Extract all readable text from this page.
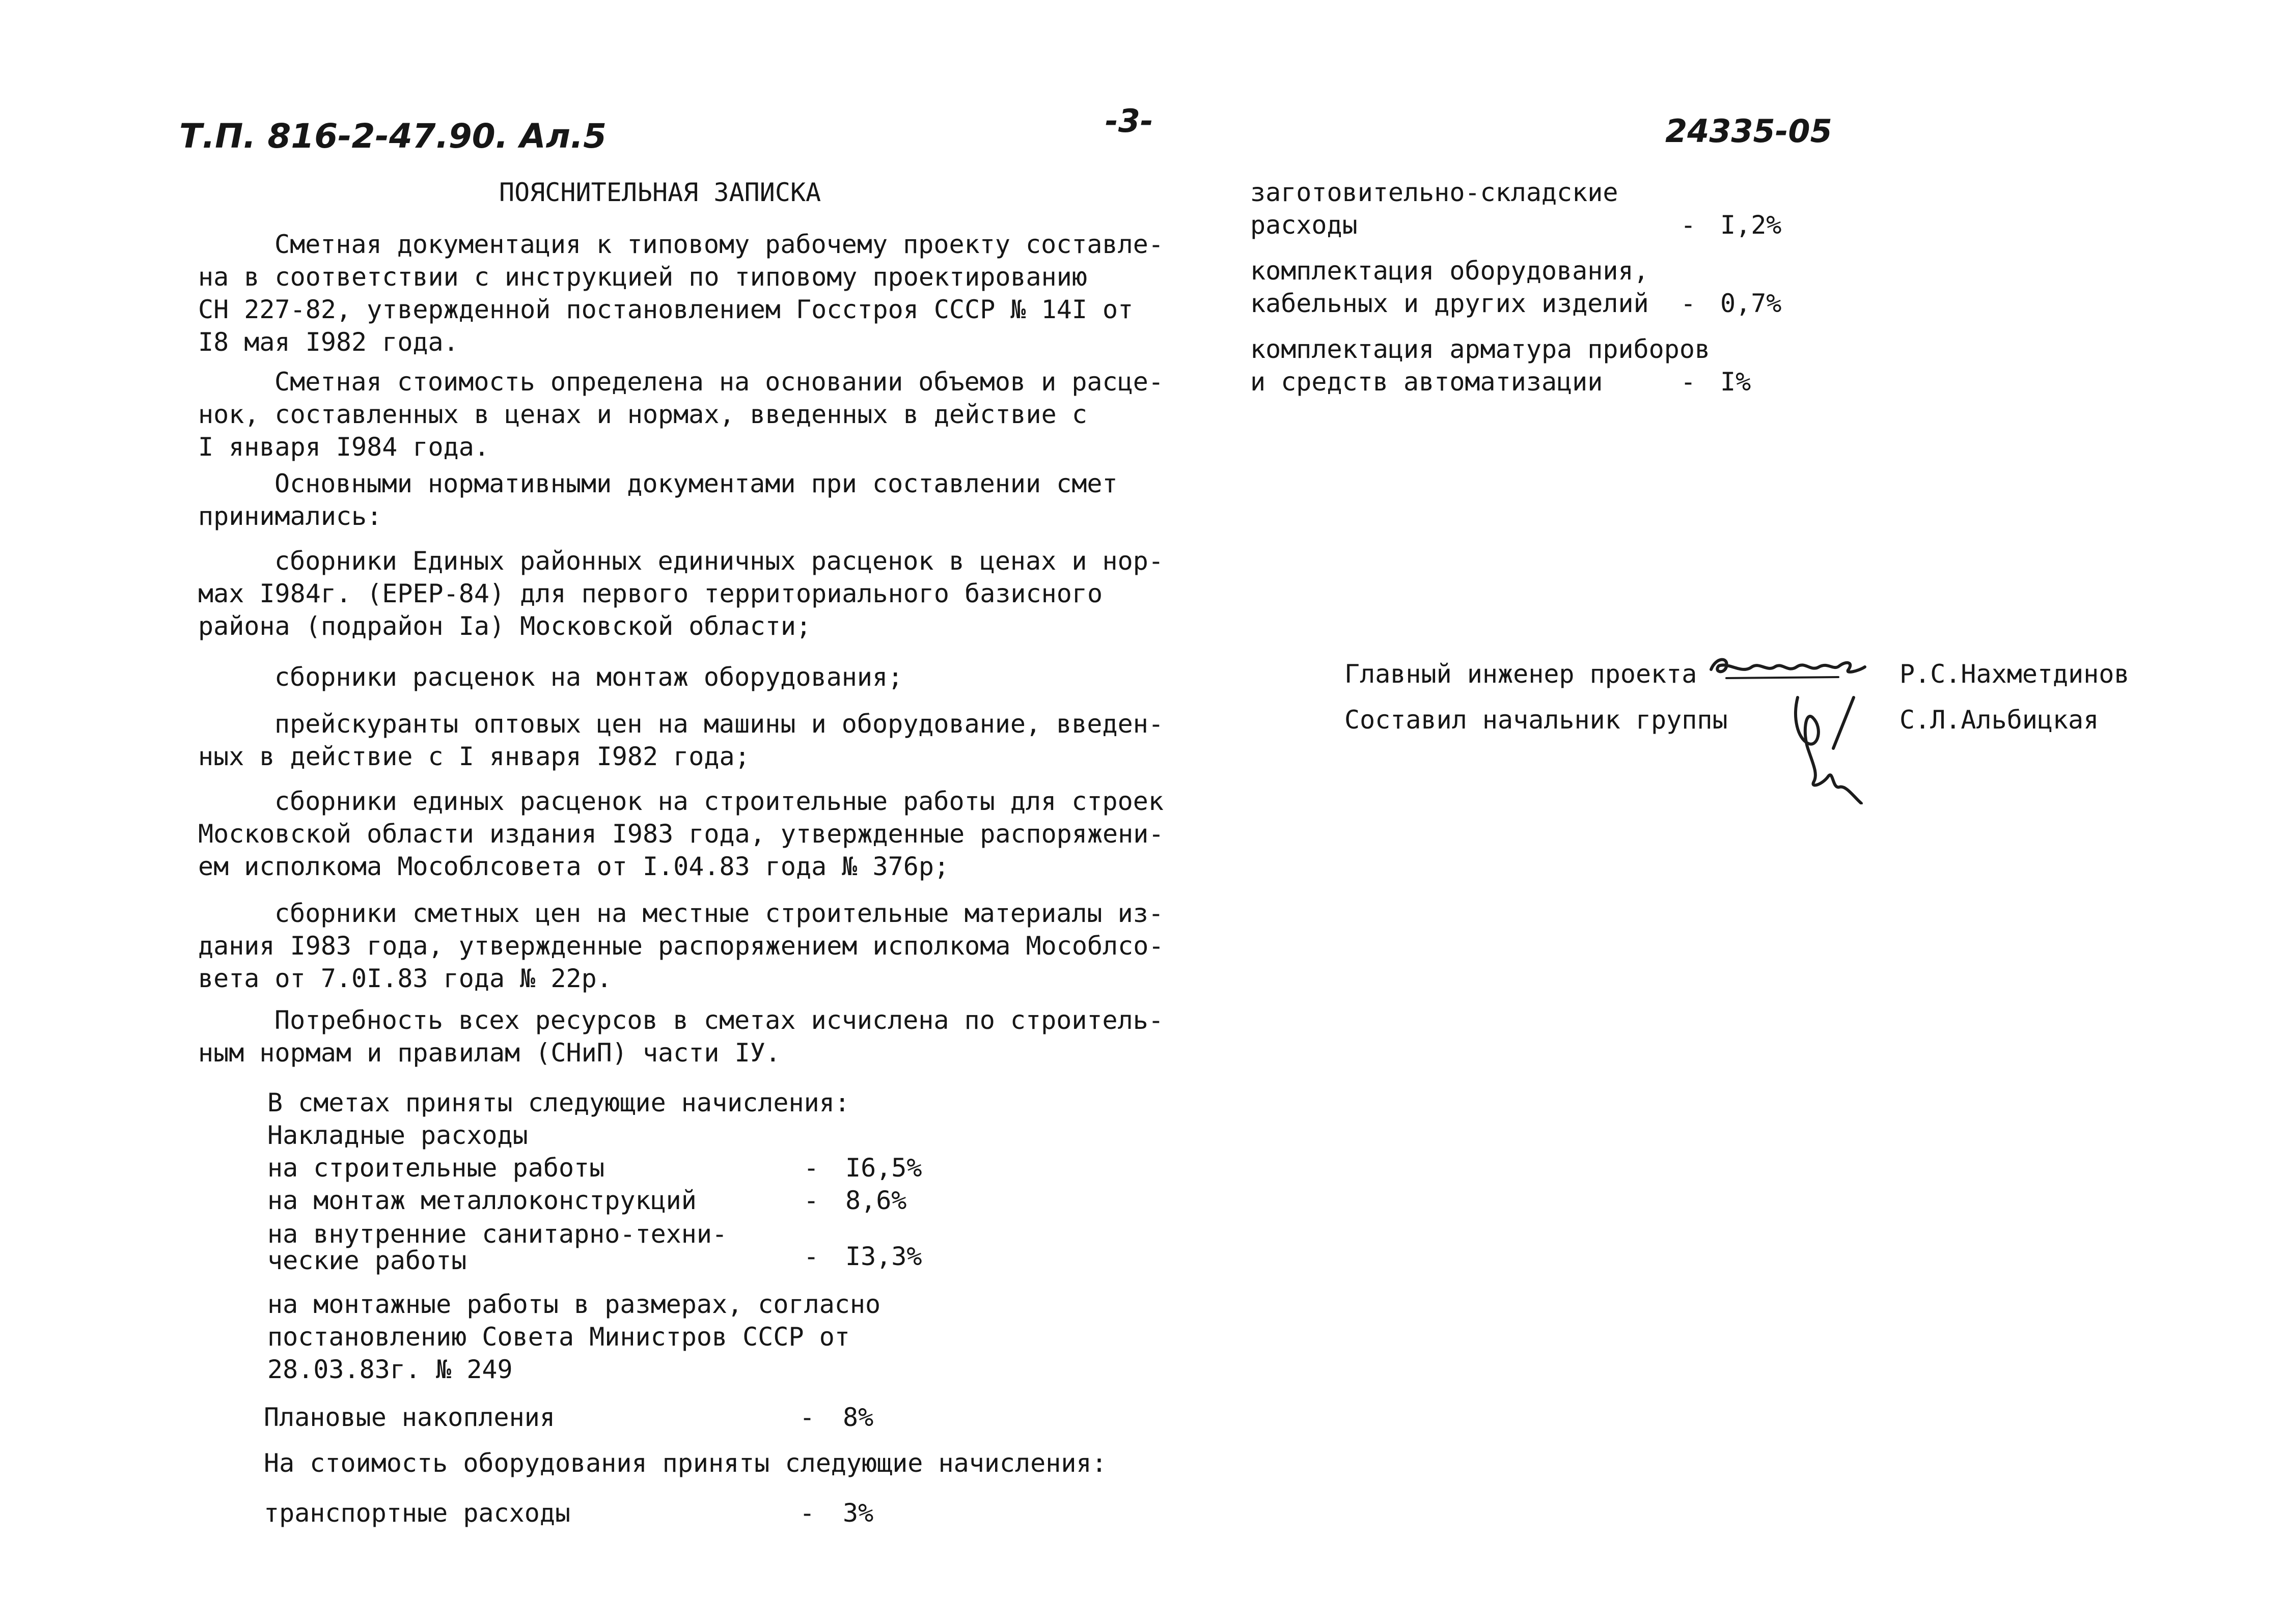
Т.П. 816-2-47.90. Ал.5	-3-	24335-05
ПОЯСНИТЕЛЬНАЯ ЗАПИСКА
Сметная документация к типовому рабочему проекту составле-
на в соответствии с инструкцией по типовому проектированию
СН 227-82, утвержденной постановлением Госстроя СССР № 14I от
I8 мая I982 года.
Сметная стоимость определена на основании объемов и расце-
нок, составленных в ценах и нормах, введенных в действие с
I января I984 года.
Основными нормативными документами при составлении смет
принимались:
сборники Единых районных единичных расценок в ценах и нор-
мах I984г. (ЕРЕР-84) для первого территориального базисного
района (подрайон Iа) Московской области;
сборники расценок на монтаж оборудования;
прейскуранты оптовых цен на машины и оборудование, введен-
ных в действие с I января I982 года;
сборники единых расценок на строительные работы для строек
Московской области издания I983 года, утвержденные распоряжени-
ем исполкома Мособлсовета от I.04.83 года № 376р;
сборники сметных цен на местные строительные материалы из-
дания I983 года, утвержденные распоряжением исполкома Мособлсо-
вета от 7.0I.83 года № 22р.
Потребность всех ресурсов в сметах исчислена по строитель-
ным нормам и правилам (СНиП) части IУ.
В сметах приняты следующие начисления:
Накладные расходы
на строительные работы	- I6,5%
на монтаж металлоконструкций	- 8,6%
на внутренние санитарно-техни-
ческие работы	- I3,3%
на монтажные работы в размерах, согласно
постановлению Совета Министров СССР от
28.03.83г. № 249
Плановые накопления	- 8%
На стоимость оборудования приняты следующие начисления:
транспортные расходы	- 3%
заготовительно-складские
расходы	- I,2%
комплектация оборудования,
кабельных и других изделий - 0,7%
комплектация арматура приборов
и средств автоматизации	- I%
Главный инженер проекта	Р.С.Нахметдинов
Составил начальник группы	С.Л.Альбицкая
